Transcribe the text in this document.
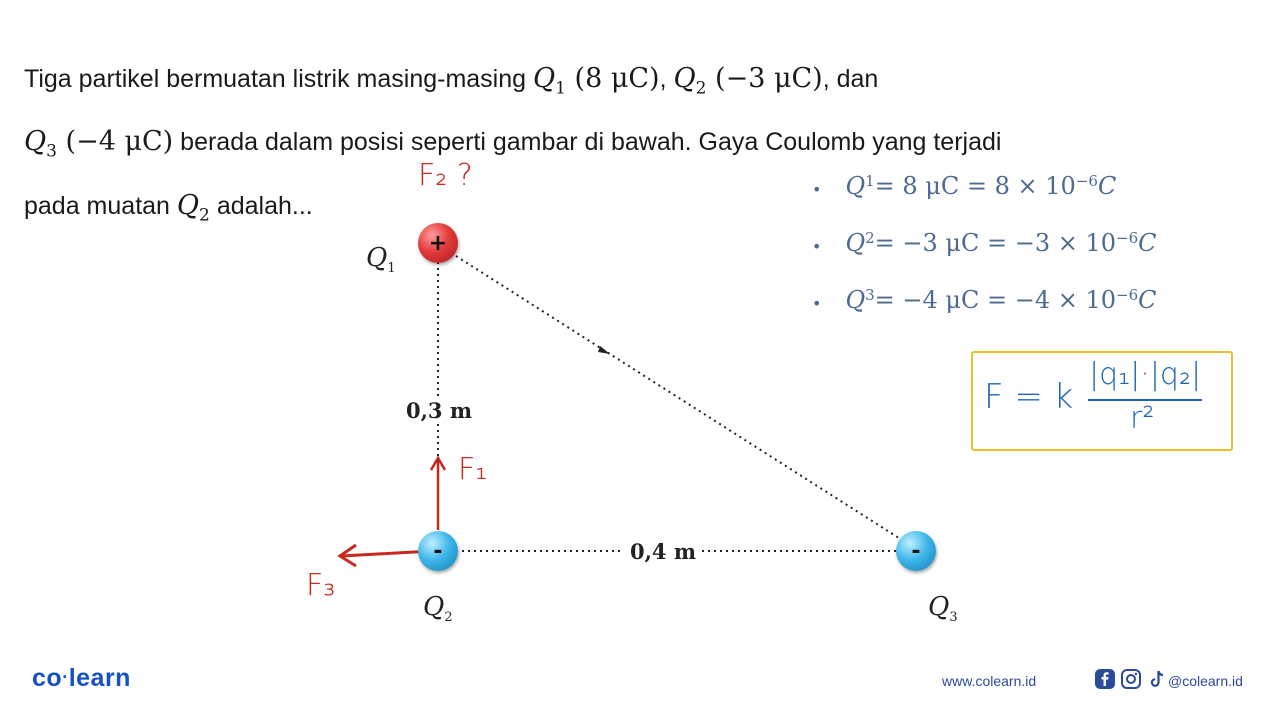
Tiga partikel bermuatan listrik masing-masing $Q_1$ (8 μC), $Q_2$ (−3 μC), dan

$Q_3$ (−4 μC) berada dalam posisi seperti gambar di bawah. Gaya Coulomb yang terjadi

pada muatan $Q_2$ adalah...

F₂ ?
+
-	-
$Q_1$
$Q_2$	$Q_3$
0,3 m
0,4 m
F₁
F₃
• $Q^1 = 8$ $\mu C = 8 \times 10^{-6}$ C
• $Q^2 = -3$ $\mu C = -3 \times 10^{-6}$ C
• $Q^3 = -4$ $\mu C = -4 \times 10^{-6}$ C
F = k
|q₁|·|q₂|
r²
co·learn	www.colearn.id	@colearn.id
